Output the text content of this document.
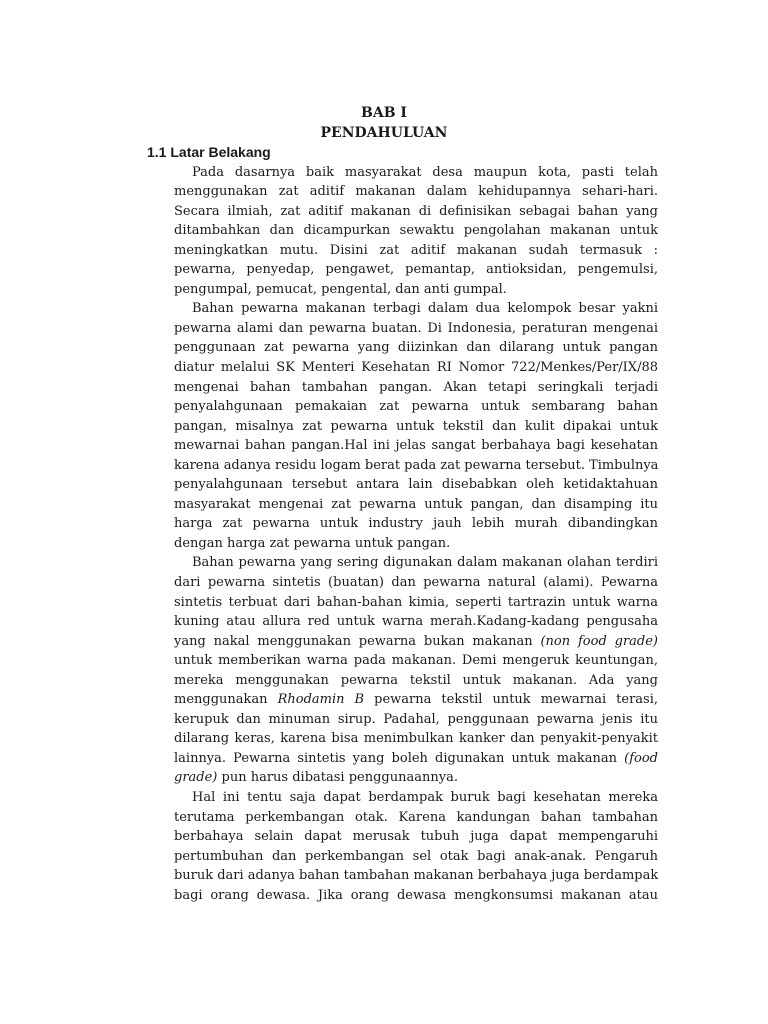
BAB I
PENDAHULUAN
1.1 Latar Belakang
Pada dasarnya baik masyarakat desa maupun kota, pasti telah
menggunakan zat aditif makanan dalam kehidupannya sehari-hari.
Secara ilmiah, zat aditif makanan di definisikan sebagai bahan yang
ditambahkan dan dicampurkan sewaktu pengolahan makanan untuk
meningkatkan mutu. Disini zat aditif makanan sudah termasuk :
pewarna, penyedap, pengawet, pemantap, antioksidan, pengemulsi,
pengumpal, pemucat, pengental, dan anti gumpal.
Bahan pewarna makanan terbagi dalam dua kelompok besar yakni
pewarna alami dan pewarna buatan. Di Indonesia, peraturan mengenai
penggunaan zat pewarna yang diizinkan dan dilarang untuk pangan
diatur melalui SK Menteri Kesehatan RI Nomor 722/Menkes/Per/IX/88
mengenai bahan tambahan pangan. Akan tetapi seringkali terjadi
penyalahgunaan pemakaian zat pewarna untuk sembarang bahan
pangan, misalnya zat pewarna untuk tekstil dan kulit dipakai untuk
mewarnai bahan pangan.Hal ini jelas sangat berbahaya bagi kesehatan
karena adanya residu logam berat pada zat pewarna tersebut. Timbulnya
penyalahgunaan tersebut antara lain disebabkan oleh ketidaktahuan
masyarakat mengenai zat pewarna untuk pangan, dan disamping itu
harga zat pewarna untuk industry jauh lebih murah dibandingkan
dengan harga zat pewarna untuk pangan.
Bahan pewarna yang sering digunakan dalam makanan olahan terdiri
dari pewarna sintetis (buatan) dan pewarna natural (alami). Pewarna
sintetis terbuat dari bahan-bahan kimia, seperti tartrazin untuk warna
kuning atau allura red untuk warna merah.Kadang-kadang pengusaha
yang nakal menggunakan pewarna bukan makanan (non food grade)
untuk memberikan warna pada makanan. Demi mengeruk keuntungan,
mereka menggunakan pewarna tekstil untuk makanan. Ada yang
menggunakan Rhodamin B pewarna tekstil untuk mewarnai terasi,
kerupuk dan minuman sirup. Padahal, penggunaan pewarna jenis itu
dilarang keras, karena bisa menimbulkan kanker dan penyakit-penyakit
lainnya. Pewarna sintetis yang boleh digunakan untuk makanan (food
grade) pun harus dibatasi penggunaannya.
Hal ini tentu saja dapat berdampak buruk bagi kesehatan mereka
terutama perkembangan otak. Karena kandungan bahan tambahan
berbahaya selain dapat merusak tubuh juga dapat mempengaruhi
pertumbuhan dan perkembangan sel otak bagi anak-anak. Pengaruh
buruk dari adanya bahan tambahan makanan berbahaya juga berdampak
bagi orang dewasa. Jika orang dewasa mengkonsumsi makanan atau
